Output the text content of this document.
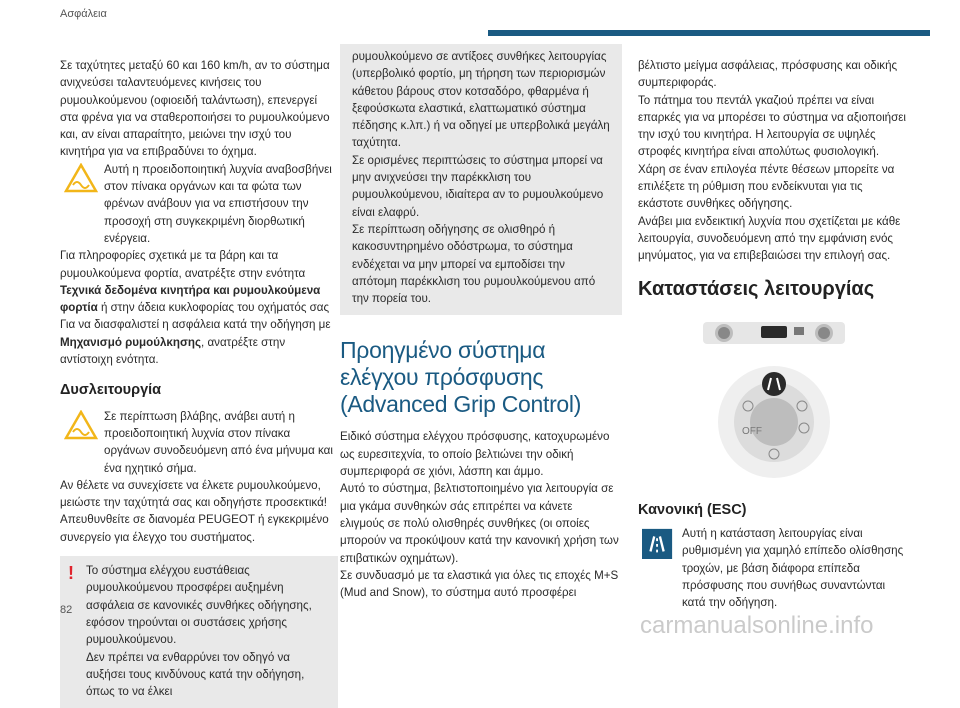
Ασφάλεια

Σε ταχύτητες μεταξύ 60 και 160 km/h, αν το σύστημα ανιχνεύσει ταλαντευόμενες κινήσεις του ρυμουλκούμενου (οφιοειδή ταλάντωση), επενεργεί στα φρένα για να σταθεροποιήσει το ρυμουλκούμενο και, αν είναι απαραίτητο, μειώνει την ισχύ του κινητήρα για να επιβραδύνει το όχημα.

Αυτή η προειδοποιητική λυχνία αναβοσβήνει στον πίνακα οργάνων και τα φώτα των φρένων ανάβουν για να επιστήσουν την προσοχή στη συγκεκριμένη διορθωτική ενέργεια.

Για πληροφορίες σχετικά με τα βάρη και τα ρυμουλκούμενα φορτία, ανατρέξτε στην ενότητα Τεχνικά δεδομένα κινητήρα και ρυμουλκούμενα φορτία ή στην άδεια κυκλοφορίας του οχήματός σας

Για να διασφαλιστεί η ασφάλεια κατά την οδήγηση με Μηχανισμό ρυμούλκησης, ανατρέξτε στην αντίστοιχη ενότητα.

Δυσλειτουργία
Σε περίπτωση βλάβης, ανάβει αυτή η προειδοποιητική λυχνία στον πίνακα οργάνων συνοδευόμενη από ένα μήνυμα και ένα ηχητικό σήμα.

Αν θέλετε να συνεχίσετε να έλκετε ρυμουλκούμενο, μειώστε την ταχύτητά σας και οδηγήστε προσεκτικά! Απευθυνθείτε σε διανομέα PEUGEOT ή εγκεκριμένο συνεργείο για έλεγχο του συστήματος.

! Το σύστημα ελέγχου ευστάθειας ρυμουλκούμενου προσφέρει αυξημένη ασφάλεια σε κανονικές συνθήκες οδήγησης, εφόσον τηρούνται οι συστάσεις χρήσης ρυμουλκούμενου.

Δεν πρέπει να ενθαρρύνει τον οδηγό να αυξήσει τους κινδύνους κατά την οδήγηση, όπως το να έλκει

ρυμουλκούμενο σε αντίξοες συνθήκες λειτουργίας (υπερβολικό φορτίο, μη τήρηση των περιορισμών κάθετου βάρους στον κοτσαδόρο, φθαρμένα ή ξεφούσκωτα ελαστικά, ελαττωματικό σύστημα πέδησης κ.λπ.) ή να οδηγεί με υπερβολικά μεγάλη ταχύτητα.

Σε ορισμένες περιπτώσεις το σύστημα μπορεί να μην ανιχνεύσει την παρέκκλιση του ρυμουλκούμενου, ιδιαίτερα αν το ρυμουλκούμενο είναι ελαφρύ.

Σε περίπτωση οδήγησης σε ολισθηρό ή κακοσυντηρημένο οδόστρωμα, το σύστημα ενδέχεται να μην μπορεί να εμποδίσει την απότομη παρέκκλιση του ρυμουλκούμενου από την πορεία του.

Προηγμένο σύστημα ελέγχου πρόσφυσης (Advanced Grip Control)

Ειδικό σύστημα ελέγχου πρόσφυσης, κατοχυρωμένο ως ευρεσιτεχνία, το οποίο βελτιώνει την οδική συμπεριφορά σε χιόνι, λάσπη και άμμο.

Αυτό το σύστημα, βελτιστοποιημένο για λειτουργία σε μια γκάμα συνθηκών σάς επιτρέπει να κάνετε ελιγμούς σε πολύ ολισθηρές συνθήκες (οι οποίες μπορούν να προκύψουν κατά την κανονική χρήση των επιβατικών οχημάτων).

Σε συνδυασμό με τα ελαστικά για όλες τις εποχές M+S (Mud and Snow), το σύστημα αυτό προσφέρει

βέλτιστο μείγμα ασφάλειας, πρόσφυσης και οδικής συμπεριφοράς.

Το πάτημα του πεντάλ γκαζιού πρέπει να είναι επαρκές για να μπορέσει το σύστημα να αξιοποιήσει την ισχύ του κινητήρα. Η λειτουργία σε υψηλές στροφές κινητήρα είναι απολύτως φυσιολογική.

Χάρη σε έναν επιλογέα πέντε θέσεων μπορείτε να επιλέξετε τη ρύθμιση που ενδείκνυται για τις εκάστοτε συνθήκες οδήγησης.

Ανάβει μια ενδεικτική λυχνία που σχετίζεται με κάθε λειτουργία, συνοδευόμενη από την εμφάνιση ενός μηνύματος, για να επιβεβαιώσει την επιλογή σας.

Καταστάσεις λειτουργίας
OFF
Κανονική (ESC)
Αυτή η κατάσταση λειτουργίας είναι ρυθμισμένη για χαμηλό επίπεδο ολίσθησης τροχών, με βάση διάφορα επίπεδα πρόσφυσης που συνήθως συναντώνται κατά την οδήγηση.
82
carmanualsonline.info
